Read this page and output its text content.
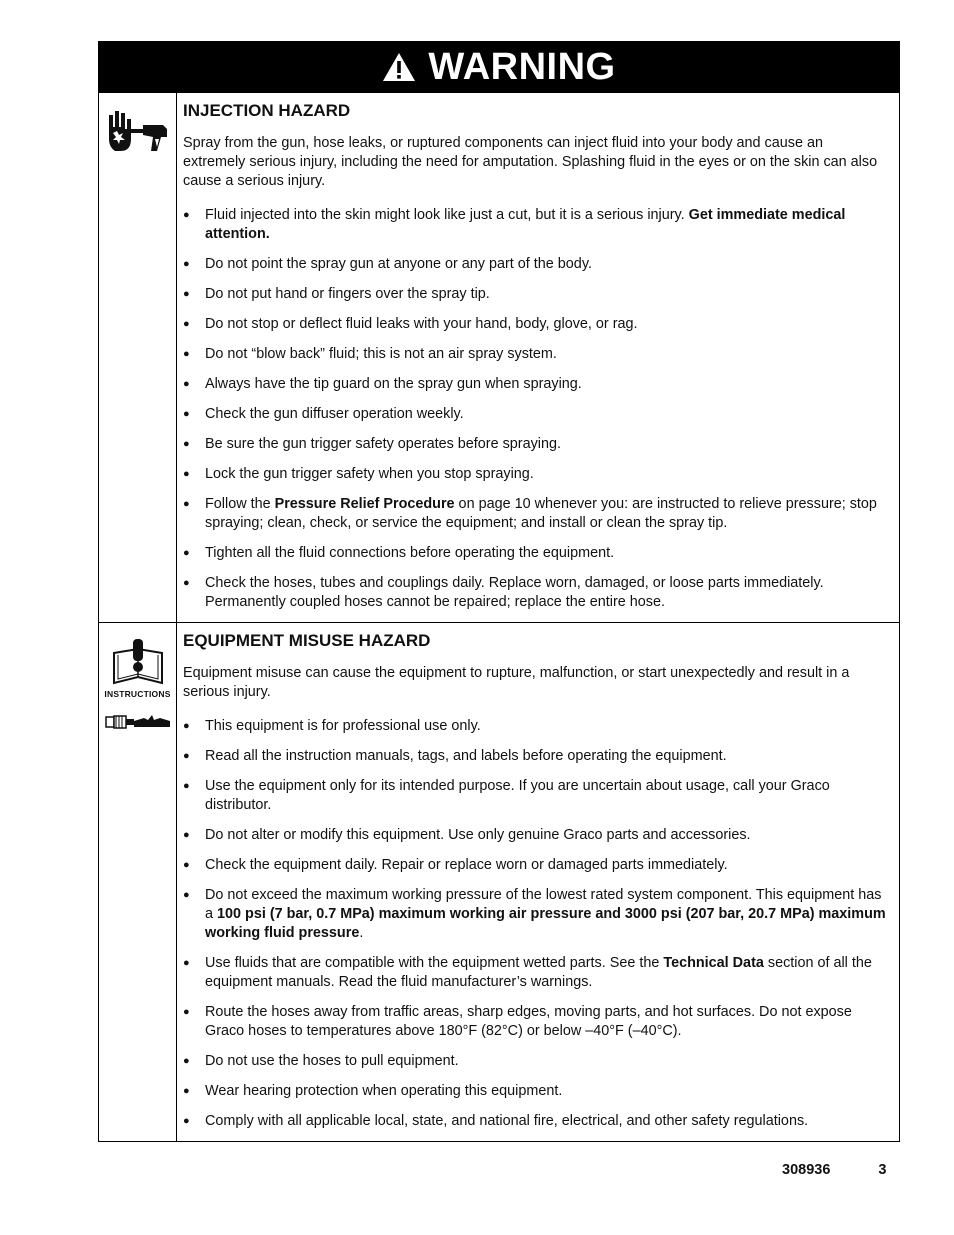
WARNING
INJECTION HAZARD

Spray from the gun, hose leaks, or ruptured components can inject fluid into your body and cause an extremely serious injury, including the need for amputation. Splashing fluid in the eyes or on the skin can also cause a serious injury.

● Fluid injected into the skin might look like just a cut, but it is a serious injury. Get immediate medical attention.
● Do not point the spray gun at anyone or any part of the body.
● Do not put hand or fingers over the spray tip.
● Do not stop or deflect fluid leaks with your hand, body, glove, or rag.
● Do not “blow back” fluid; this is not an air spray system.
● Always have the tip guard on the spray gun when spraying.
● Check the gun diffuser operation weekly.
● Be sure the gun trigger safety operates before spraying.
● Lock the gun trigger safety when you stop spraying.
● Follow the Pressure Relief Procedure on page 10 whenever you: are instructed to relieve pressure; stop spraying; clean, check, or service the equipment; and install or clean the spray tip.
● Tighten all the fluid connections before operating the equipment.
● Check the hoses, tubes and couplings daily. Replace worn, damaged, or loose parts immediately. Permanently coupled hoses cannot be repaired; replace the entire hose.
INSTRUCTIONS
EQUIPMENT MISUSE HAZARD

Equipment misuse can cause the equipment to rupture, malfunction, or start unexpectedly and result in a serious injury.

● This equipment is for professional use only.
● Read all the instruction manuals, tags, and labels before operating the equipment.
● Use the equipment only for its intended purpose. If you are uncertain about usage, call your Graco distributor.
● Do not alter or modify this equipment. Use only genuine Graco parts and accessories.
● Check the equipment daily. Repair or replace worn or damaged parts immediately.
● Do not exceed the maximum working pressure of the lowest rated system component. This equipment has a 100 psi (7 bar, 0.7 MPa) maximum working air pressure and 3000 psi (207 bar, 20.7 MPa) maximum working fluid pressure.
● Use fluids that are compatible with the equipment wetted parts. See the Technical Data section of all the equipment manuals. Read the fluid manufacturer’s warnings.
● Route the hoses away from traffic areas, sharp edges, moving parts, and hot surfaces. Do not expose Graco hoses to temperatures above 180°F (82°C) or below –40°F (–40°C).
● Do not use the hoses to pull equipment.
● Wear hearing protection when operating this equipment.
● Comply with all applicable local, state, and national fire, electrical, and other safety regulations.
308936	3
